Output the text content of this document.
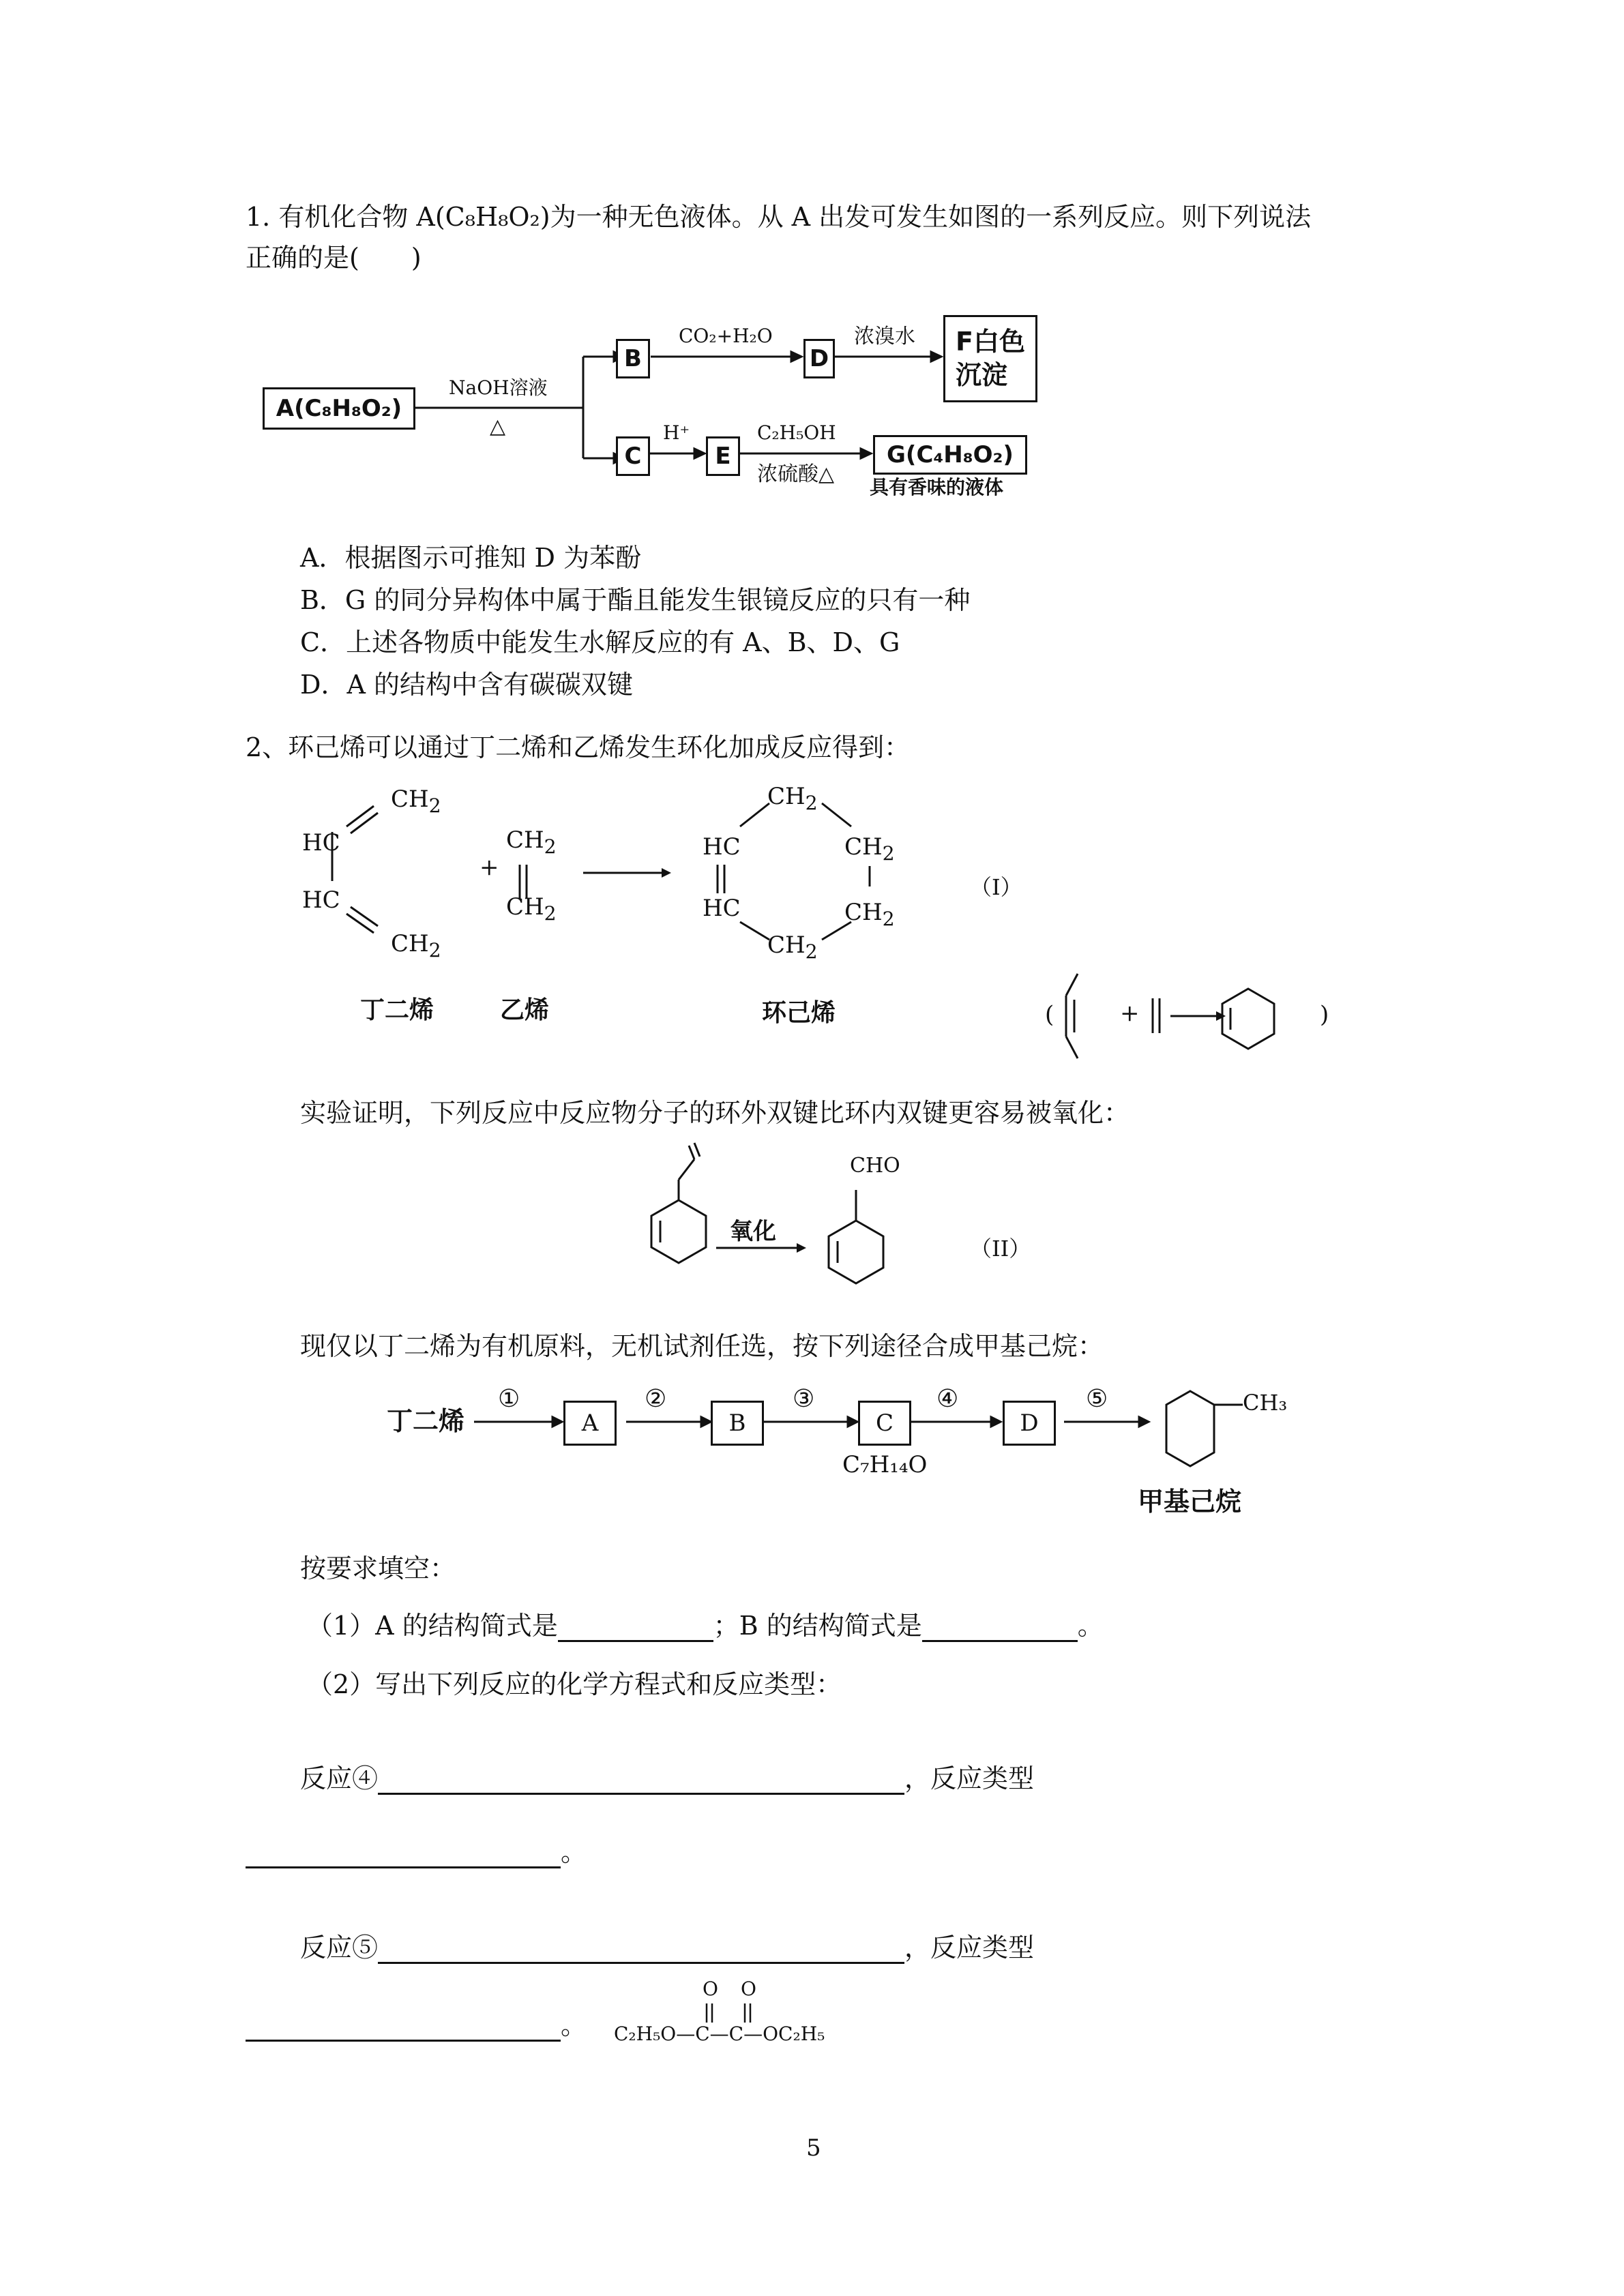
1. 有机化合物 A(C₈H₈O₂)为一种无色液体。从 A 出发可发生如图的一系列反应。则下列说法
正确的是(　　)
A(C₈H₈O₂)
B
C
D
E
F白色
沉淀
G(C₄H₈O₂)
NaOH溶液
△
CO₂+H₂O	浓溴水
H⁺	C₂H₅OH
浓硫酸△
具有香味的液体
A．根据图示可推知 D 为苯酚
B．G 的同分异构体中属于酯且能发生银镜反应的只有一种
C．上述各物质中能发生水解反应的有 A、B、D、G
D．A 的结构中含有碳碳双键
2、环己烯可以通过丁二烯和乙烯发生环化加成反应得到：
$CH_2$
HC
HC
$CH_2$
+
$CH_2$
$CH_2$
$CH_2$
HC	$CH_2$
HC	$CH_2$
$CH_2$
（I）
丁二烯	乙烯	环己烯	(	+	)
实验证明，下列反应中反应物分子的环外双键比环内双键更容易被氧化：
CHO
氧化
（II）
现仅以丁二烯为有机原料，无机试剂任选，按下列途径合成甲基己烷：
丁二烯
①	②	③	④	⑤
A	B	C	D
C₇H₁₄O
CH₃
甲基己烷
按要求填空：
（1）A 的结构简式是	；B 的结构简式是	。
（2）写出下列反应的化学方程式和反应类型：
反应④	，反应类型
。
反应⑤	，反应类型
。
O O
C₂H₅O—C—C—OC₂H₅
5
